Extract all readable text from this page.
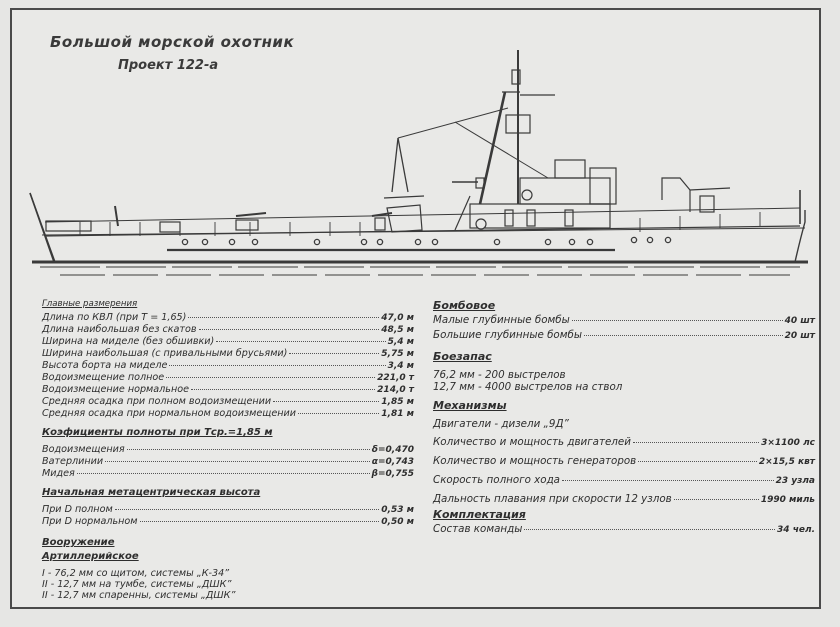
Большой морской охотник
Проект 122-а
Главные размерения
Длина по КВЛ (при Т = 1,65)	47,0 м
Длина наибольшая без скатов	48,5 м
Ширина на миделе (без обшивки)	5,4 м
Ширина наибольшая (с привальными брусьями)	5,75 м
Высота борта на миделе	3,4 м
Водоизмещение полное	221,0 т
Водоизмещение нормальное	214,0 т
Средняя осадка при полном водоизмещении	1,85 м
Средняя осадка при нормальном водоизмещении	1,81 м
Коэфициенты полноты при Тср.=1,85 м
Водоизмещения	δ=0,470
Ватерлинии	α=0,743
Мидея	β=0,755
Начальная метацентрическая высота
При D полном	0,53 м
При D нормальном	0,50 м
Вооружение
Артиллерийское
I - 76,2 мм со щитом, системы „К-34”
II - 12,7 мм на тумбе, системы „ДШК”
II - 12,7 мм спаренны, системы „ДШК”
Бомбовое
Малые глубинные бомбы	40 шт
Большие глубинные бомбы	20 шт
Боезапас
76,2 мм - 200 выстрелов
12,7 мм - 4000 выстрелов на ствол
Механизмы
Двигатели - дизели „9Д”
Количество и мощность двигателей	3×1100 лс
Количество и мощность генераторов	2×15,5 квт
Скорость полного хода	23 узла
Дальность плавания при скорости 12 узлов	1990 миль
Комплектация
Состав команды	34 чел.
